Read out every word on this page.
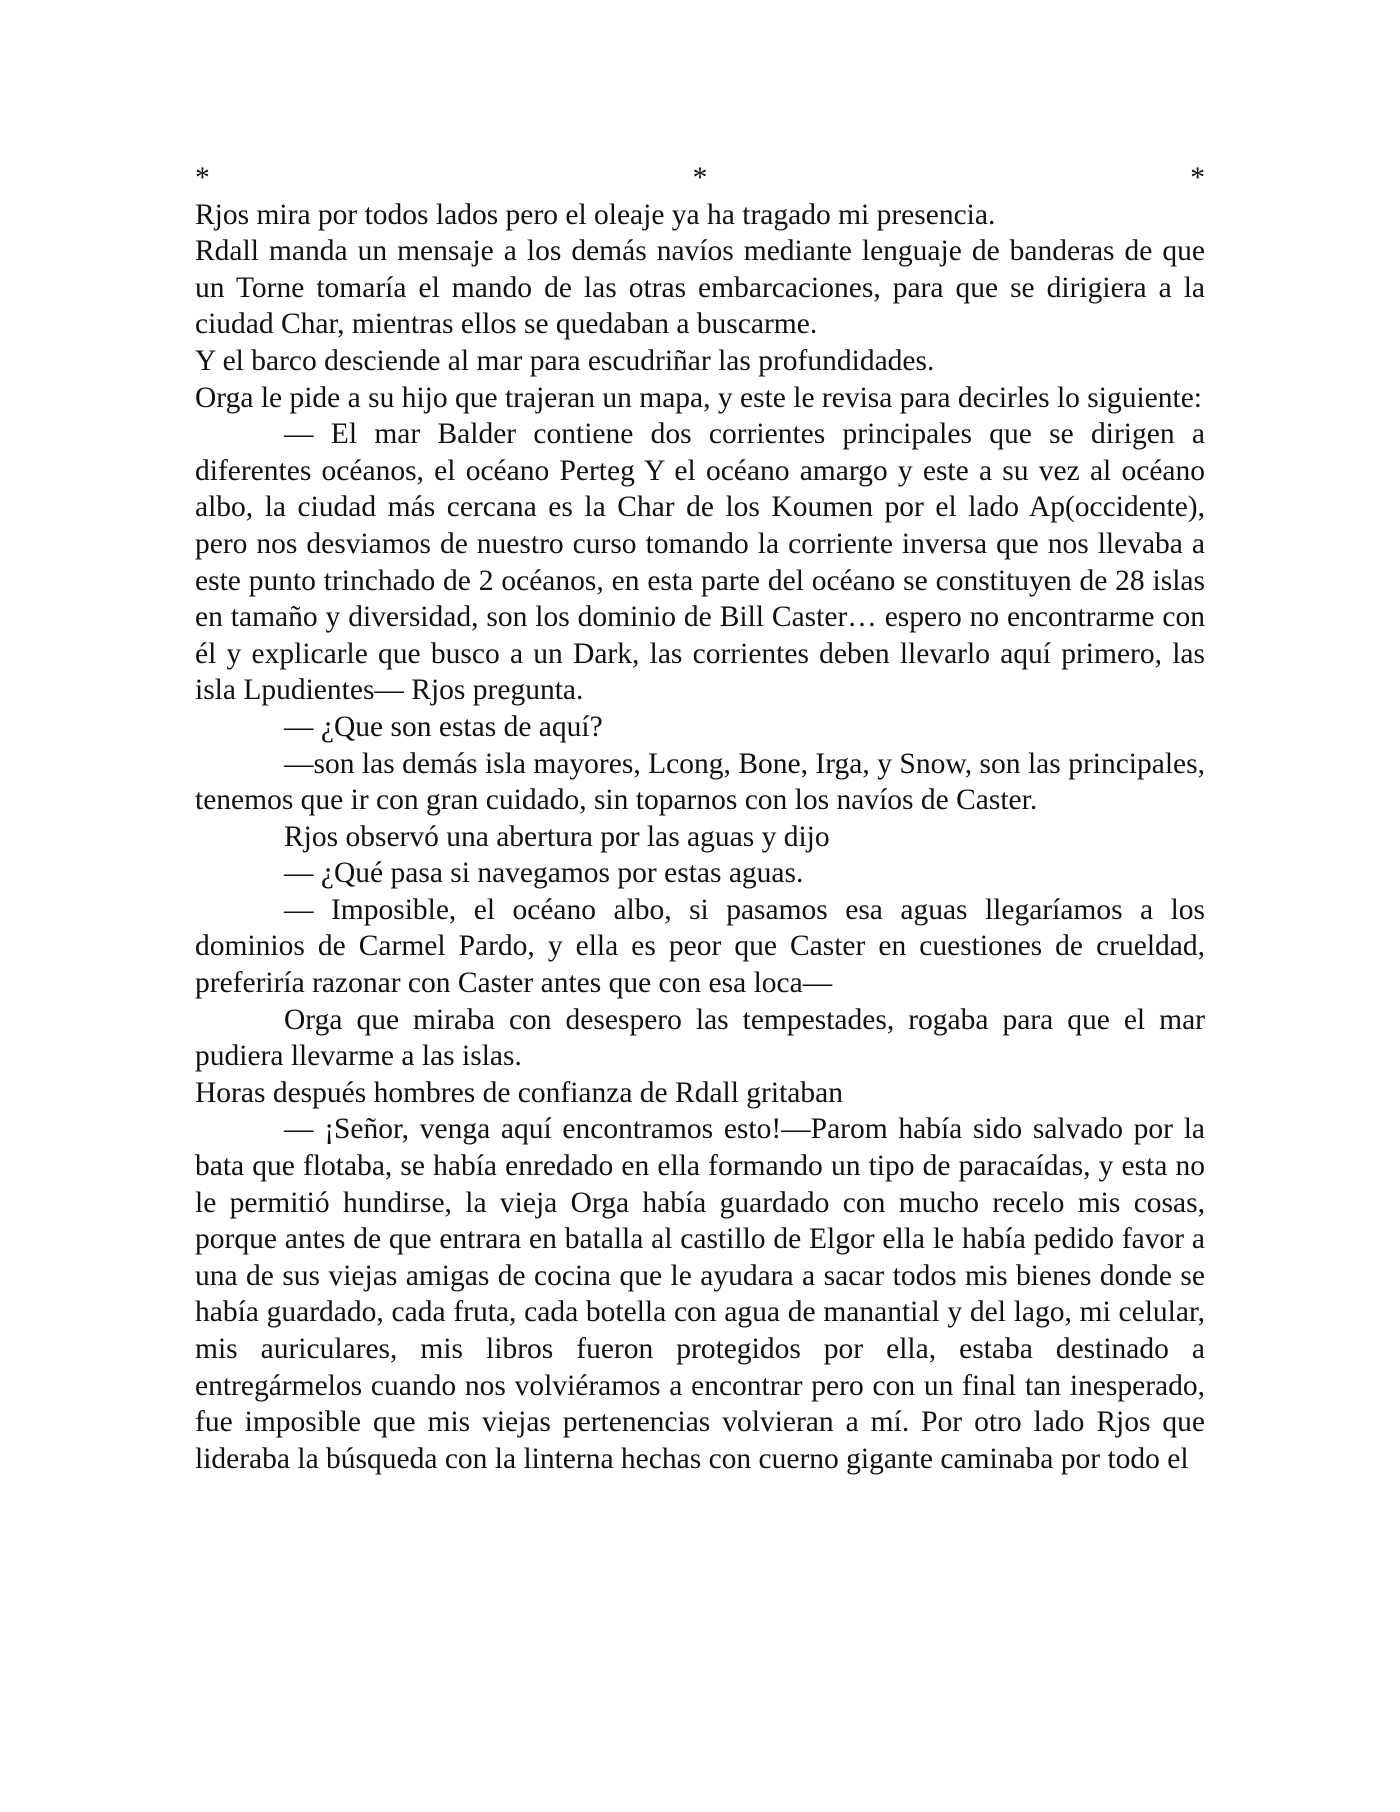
*	*	*

Rjos mira por todos lados pero el oleaje ya ha tragado mi presencia.

Rdall manda un mensaje a los demás navíos mediante lenguaje de banderas de que un Torne tomaría el mando de las otras embarcaciones, para que se dirigiera a la ciudad Char, mientras ellos se quedaban a buscarme.

Y el barco desciende al mar para escudriñar las profundidades.

Orga le pide a su hijo que trajeran un mapa, y este le revisa para decirles lo siguiente:

— El mar Balder contiene dos corrientes principales que se dirigen a diferentes océanos, el océano Perteg Y el océano amargo y este a su vez al océano albo, la ciudad más cercana es la Char de los Koumen por el lado Ap(occidente), pero nos desviamos de nuestro curso tomando la corriente inversa que nos llevaba a este punto trinchado de 2 océanos, en esta parte del océano se constituyen de 28 islas en tamaño y diversidad, son los dominio de Bill Caster… espero no encontrarme con él y explicarle que busco a un Dark, las corrientes deben llevarlo aquí primero, las isla Lpudientes— Rjos pregunta.

— ¿Que son estas de aquí?

—son las demás isla mayores, Lcong, Bone, Irga, y Snow, son las principales, tenemos que ir con gran cuidado, sin toparnos con los navíos de Caster.

Rjos observó una abertura por las aguas y dijo

— ¿Qué pasa si navegamos por estas aguas.

— Imposible, el océano albo, si pasamos esa aguas llegaríamos a los dominios de Carmel Pardo, y ella es peor que Caster en cuestiones de crueldad, preferiría razonar con Caster antes que con esa loca—

Orga que miraba con desespero las tempestades, rogaba para que el mar pudiera llevarme a las islas.

Horas después hombres de confianza de Rdall gritaban

— ¡Señor, venga aquí encontramos esto!—Parom había sido salvado por la bata que flotaba, se había enredado en ella formando un tipo de paracaídas, y esta no le permitió hundirse, la vieja Orga había guardado con mucho recelo mis cosas, porque antes de que entrara en batalla al castillo de Elgor ella le había pedido favor a una de sus viejas amigas de cocina que le ayudara a sacar todos mis bienes donde se había guardado, cada fruta, cada botella con agua de manantial y del lago, mi celular, mis auriculares, mis libros fueron protegidos por ella, estaba destinado a entregármelos cuando nos volviéramos a encontrar pero con un final tan inesperado, fue imposible que mis viejas pertenencias volvieran a mí. Por otro lado Rjos que lideraba la búsqueda con la linterna hechas con cuerno gigante caminaba por todo el
